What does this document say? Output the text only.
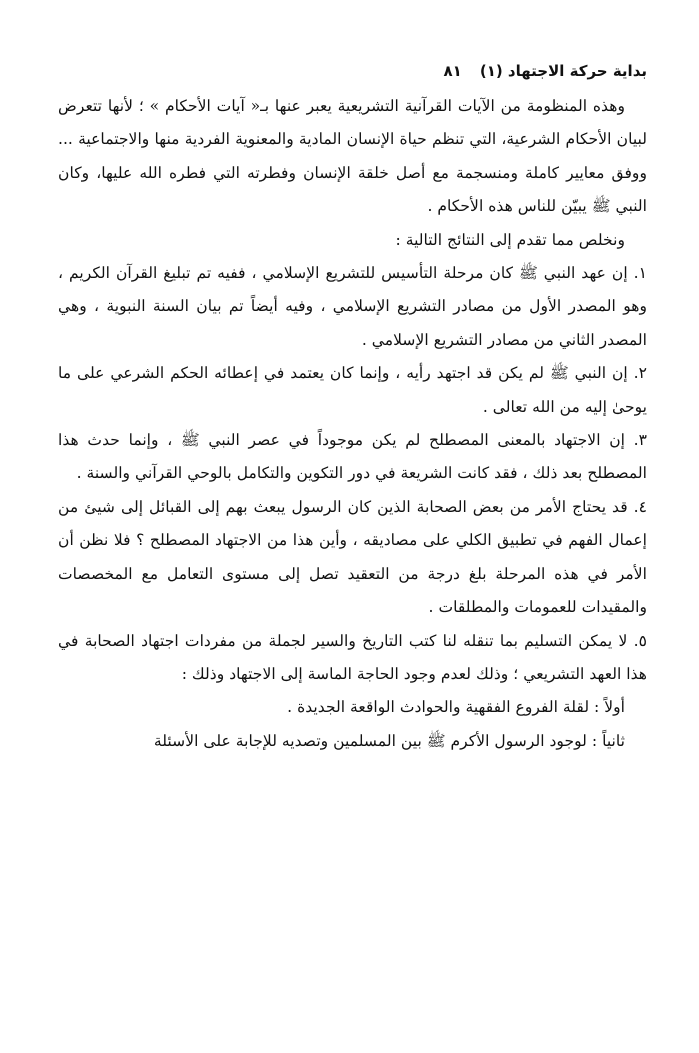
بداية حركة الاجتهاد (١)
٨١

وهذه المنظومة من الآيات القرآنية التشريعية يعبر عنها بـ« آيات الأحكام » ؛ لأنها تتعرض لبيان الأحكام الشرعية، التي تنظم حياة الإنسان المادية والمعنوية الفردية منها والاجتماعية ... ووفق معايير كاملة ومنسجمة مع أصل خلقة الإنسان وفطرته التي فطره الله عليها، وكان النبي ﷺ يبيّن للناس هذه الأحكام .

ونخلص مما تقدم إلى النتائج التالية :

١. إن عهد النبي ﷺ كان مرحلة التأسيس للتشريع الإسلامي ، ففيه تم تبليغ القرآن الكريم ، وهو المصدر الأول من مصادر التشريع الإسلامي ، وفيه أيضاً تم بيان السنة النبوية ، وهي المصدر الثاني من مصادر التشريع الإسلامي .

٢. إن النبي ﷺ لم يكن قد اجتهد رأيه ، وإنما كان يعتمد في إعطائه الحكم الشرعي على ما يوحىٰ إليه من الله تعالى .

٣. إن الاجتهاد بالمعنى المصطلح لم يكن موجوداً في عصر النبي ﷺ ، وإنما حدث هذا المصطلح بعد ذلك ، فقد كانت الشريعة في دور التكوين والتكامل بالوحي القرآني والسنة .

٤. قد يحتاج الأمر من بعض الصحابة الذين كان الرسول يبعث بهم إلى القبائل إلى شيئ من إعمال الفهم في تطبيق الكلي على مصاديقه ، وأين هذا من الاجتهاد المصطلح ؟ فلا نظن أن الأمر في هذه المرحلة بلغ درجة من التعقيد تصل إلى مستوى التعامل مع المخصصات والمقيدات للعمومات والمطلقات .

٥. لا يمكن التسليم بما تنقله لنا كتب التاريخ والسير لجملة من مفردات اجتهاد الصحابة في هذا العهد التشريعي ؛ وذلك لعدم وجود الحاجة الماسة إلى الاجتهاد وذلك :

أولاً : لقلة الفروع الفقهية والحوادث الواقعة الجديدة .

ثانياً : لوجود الرسول الأكرم ﷺ بين المسلمين وتصديه للإجابة على الأسئلة
